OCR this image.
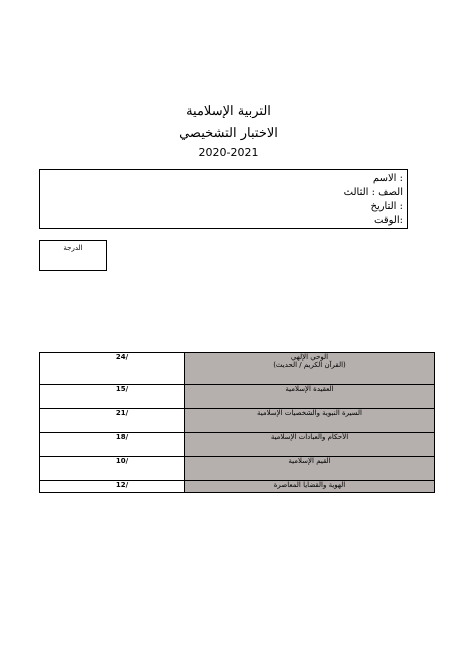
التربية الإسلامية
الاختبار التشخيصي
2020-2021
: الاسم
الصف : الثالث
: التاريخ
:الوقت
الدرجة
24/	الوحي الإلهي
(القرآن الكريم / الحديث)

15/	العقيدة الإسلامية
21/	السيرة النبوية والشخصيات الإسلامية
18/	الأحكام والعبادات الإسلامية
10/	القيم الإسلامية
12/	الهوية والقضايا المعاصرة
